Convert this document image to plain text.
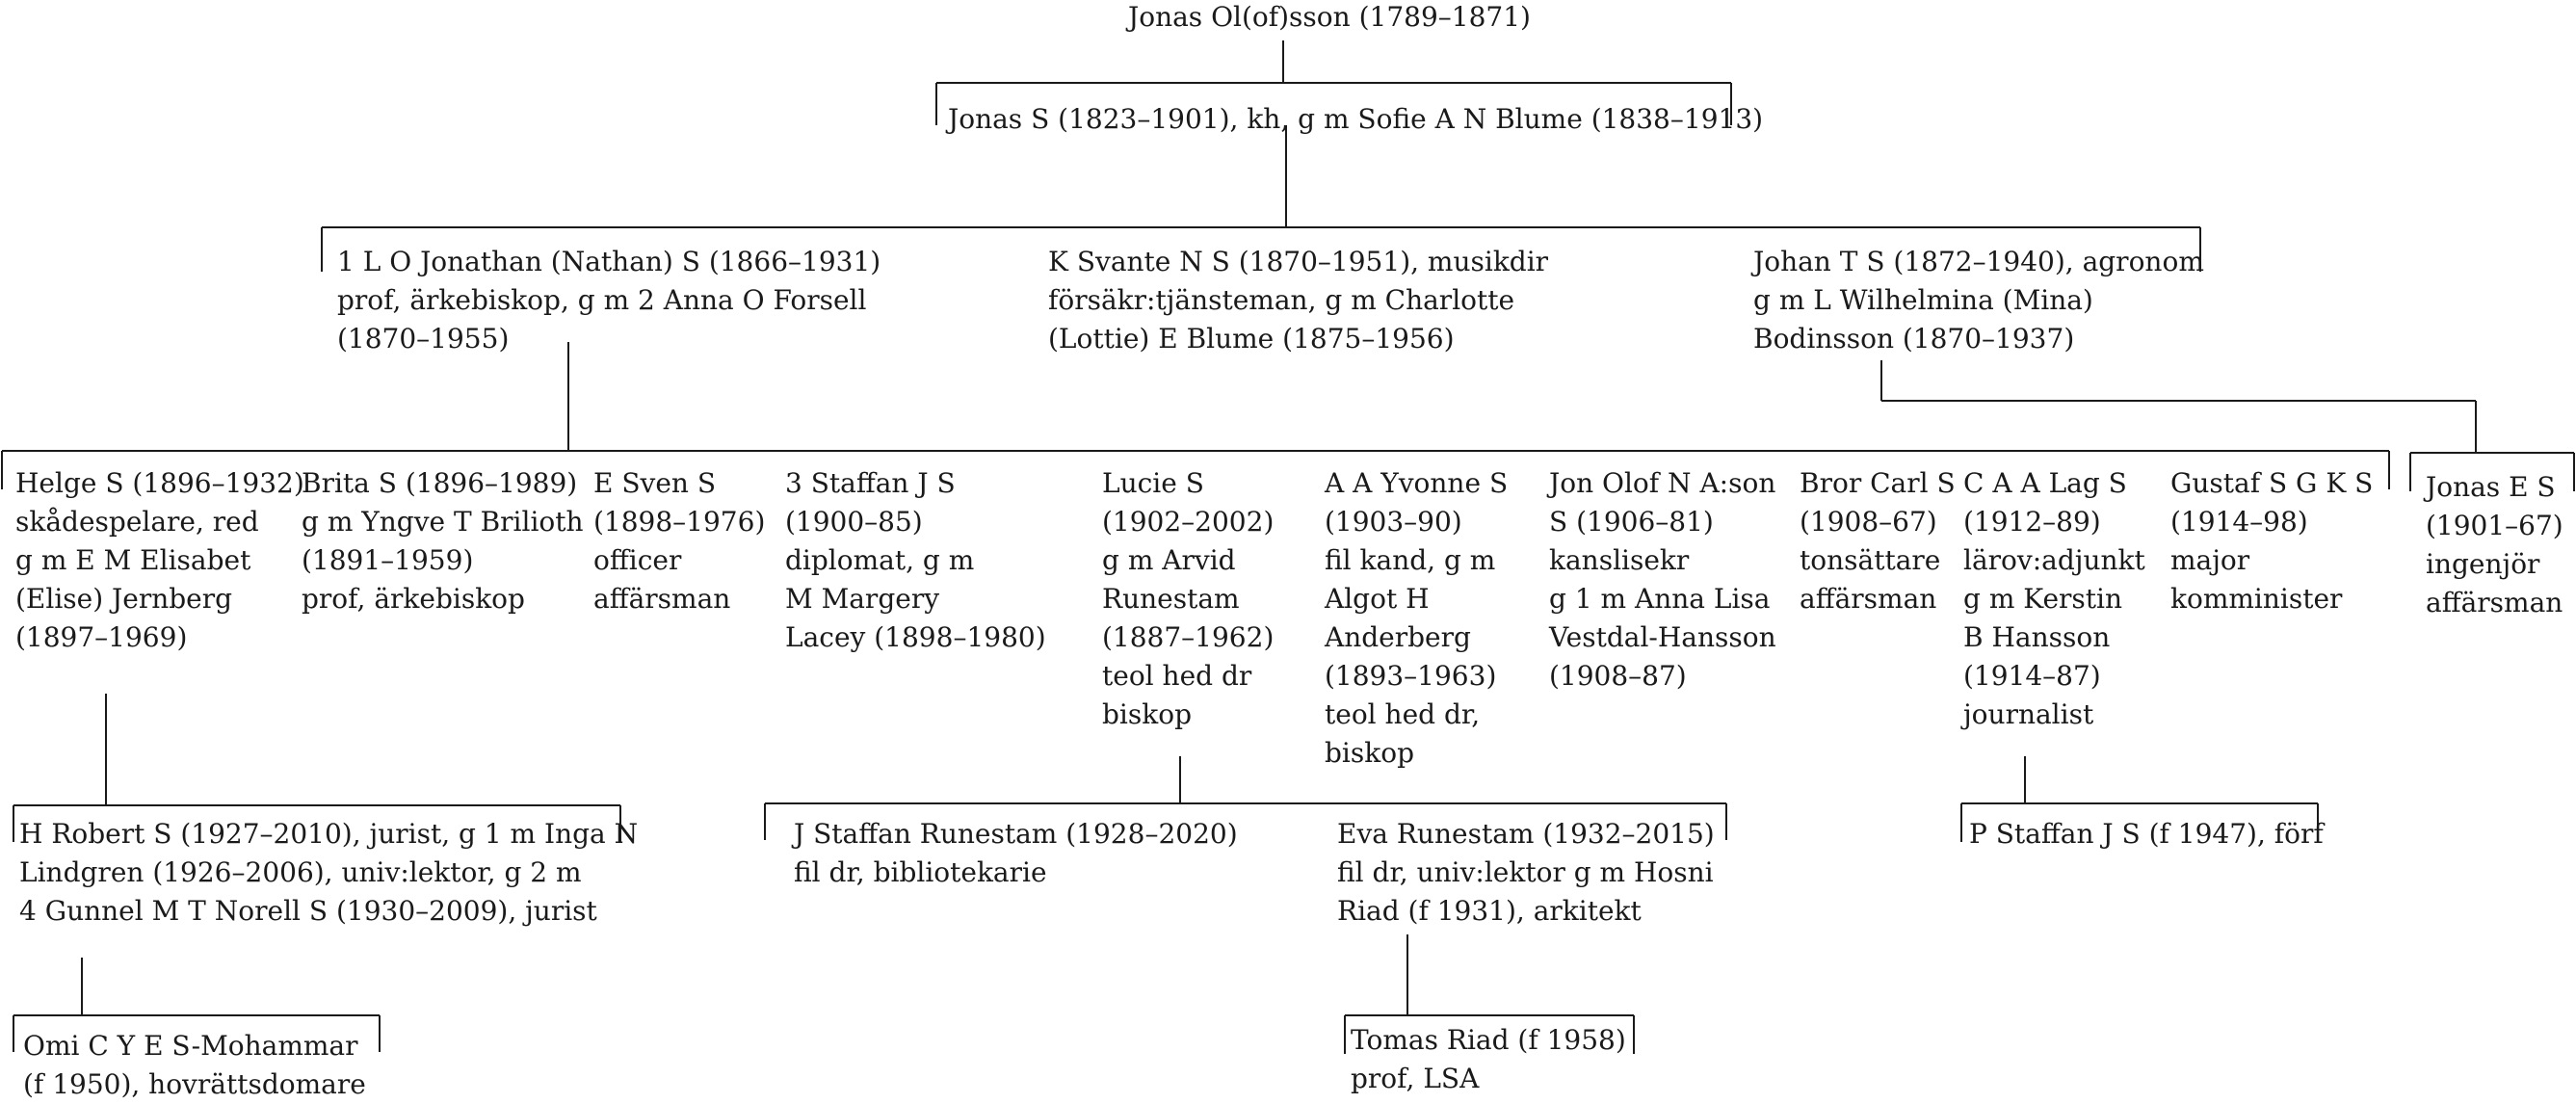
Jonas Ol(of)sson (1789–1871)
Jonas S (1823–1901), kh, g m Sofie A N Blume (1838–1913)
1 L O Jonathan (Nathan) S (1866–1931)
prof, ärkebiskop, g m 2 Anna O Forsell
(1870–1955)
K Svante N S (1870–1951), musikdir
försäkr:tjänsteman, g m Charlotte
(Lottie) E Blume (1875–1956)
Johan T S (1872–1940), agronom
g m L Wilhelmina (Mina)
Bodinsson (1870–1937)
Helge S (1896–1932)
skådespelare, red
g m E M Elisabet
(Elise) Jernberg
(1897–1969)
Brita S (1896–1989)
g m Yngve T Brilioth
(1891–1959)
prof, ärkebiskop
E Sven S
(1898–1976)
officer
affärsman
3 Staffan J S
(1900–85)
diplomat, g m
M Margery
Lacey (1898–1980)
Lucie S
(1902–2002)
g m Arvid
Runestam
(1887–1962)
teol hed dr
biskop
A A Yvonne S
(1903–90)
fil kand, g m
Algot H
Anderberg
(1893–1963)
teol hed dr,
biskop
Jon Olof N A:son
S (1906–81)
kanslisekr
g 1 m Anna Lisa
Vestdal-Hansson
(1908–87)
Bror Carl S
(1908–67)
tonsättare
affärsman
C A A Lag S
(1912–89)
lärov:adjunkt
g m Kerstin
B Hansson
(1914–87)
journalist
Gustaf S G K S
(1914–98)
major
komminister
Jonas E S
(1901–67)
ingenjör
affärsman
H Robert S (1927–2010), jurist, g 1 m Inga N
Lindgren (1926–2006), univ:lektor, g 2 m
4 Gunnel M T Norell S (1930–2009), jurist
J Staffan Runestam (1928–2020)
fil dr, bibliotekarie
Eva Runestam (1932–2015)
fil dr, univ:lektor g m Hosni
Riad (f 1931), arkitekt
P Staffan J S (f 1947), förf
Omi C Y E S-Mohammar
(f 1950), hovrättsdomare
Tomas Riad (f 1958)
prof, LSA
